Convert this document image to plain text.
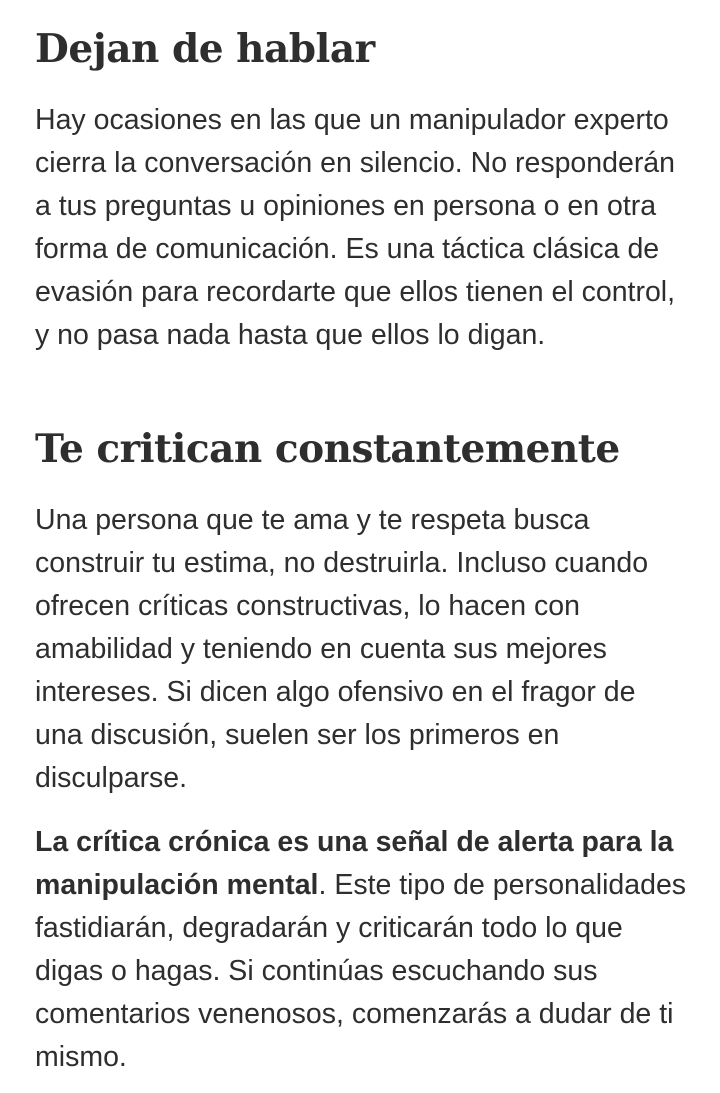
Dejan de hablar

Hay ocasiones en las que un manipulador experto cierra la conversación en silencio. No responderán a tus preguntas u opiniones en persona o en otra forma de comunicación. Es una táctica clásica de evasión para recordarte que ellos tienen el control, y no pasa nada hasta que ellos lo digan.

Te critican constantemente

Una persona que te ama y te respeta busca construir tu estima, no destruirla. Incluso cuando ofrecen críticas constructivas, lo hacen con amabilidad y teniendo en cuenta sus mejores intereses. Si dicen algo ofensivo en el fragor de una discusión, suelen ser los primeros en disculparse.

La crítica crónica es una señal de alerta para la manipulación mental. Este tipo de personalidades fastidiarán, degradarán y criticarán todo lo que digas o hagas. Si continúas escuchando sus comentarios venenosos, comenzarás a dudar de ti mismo.
